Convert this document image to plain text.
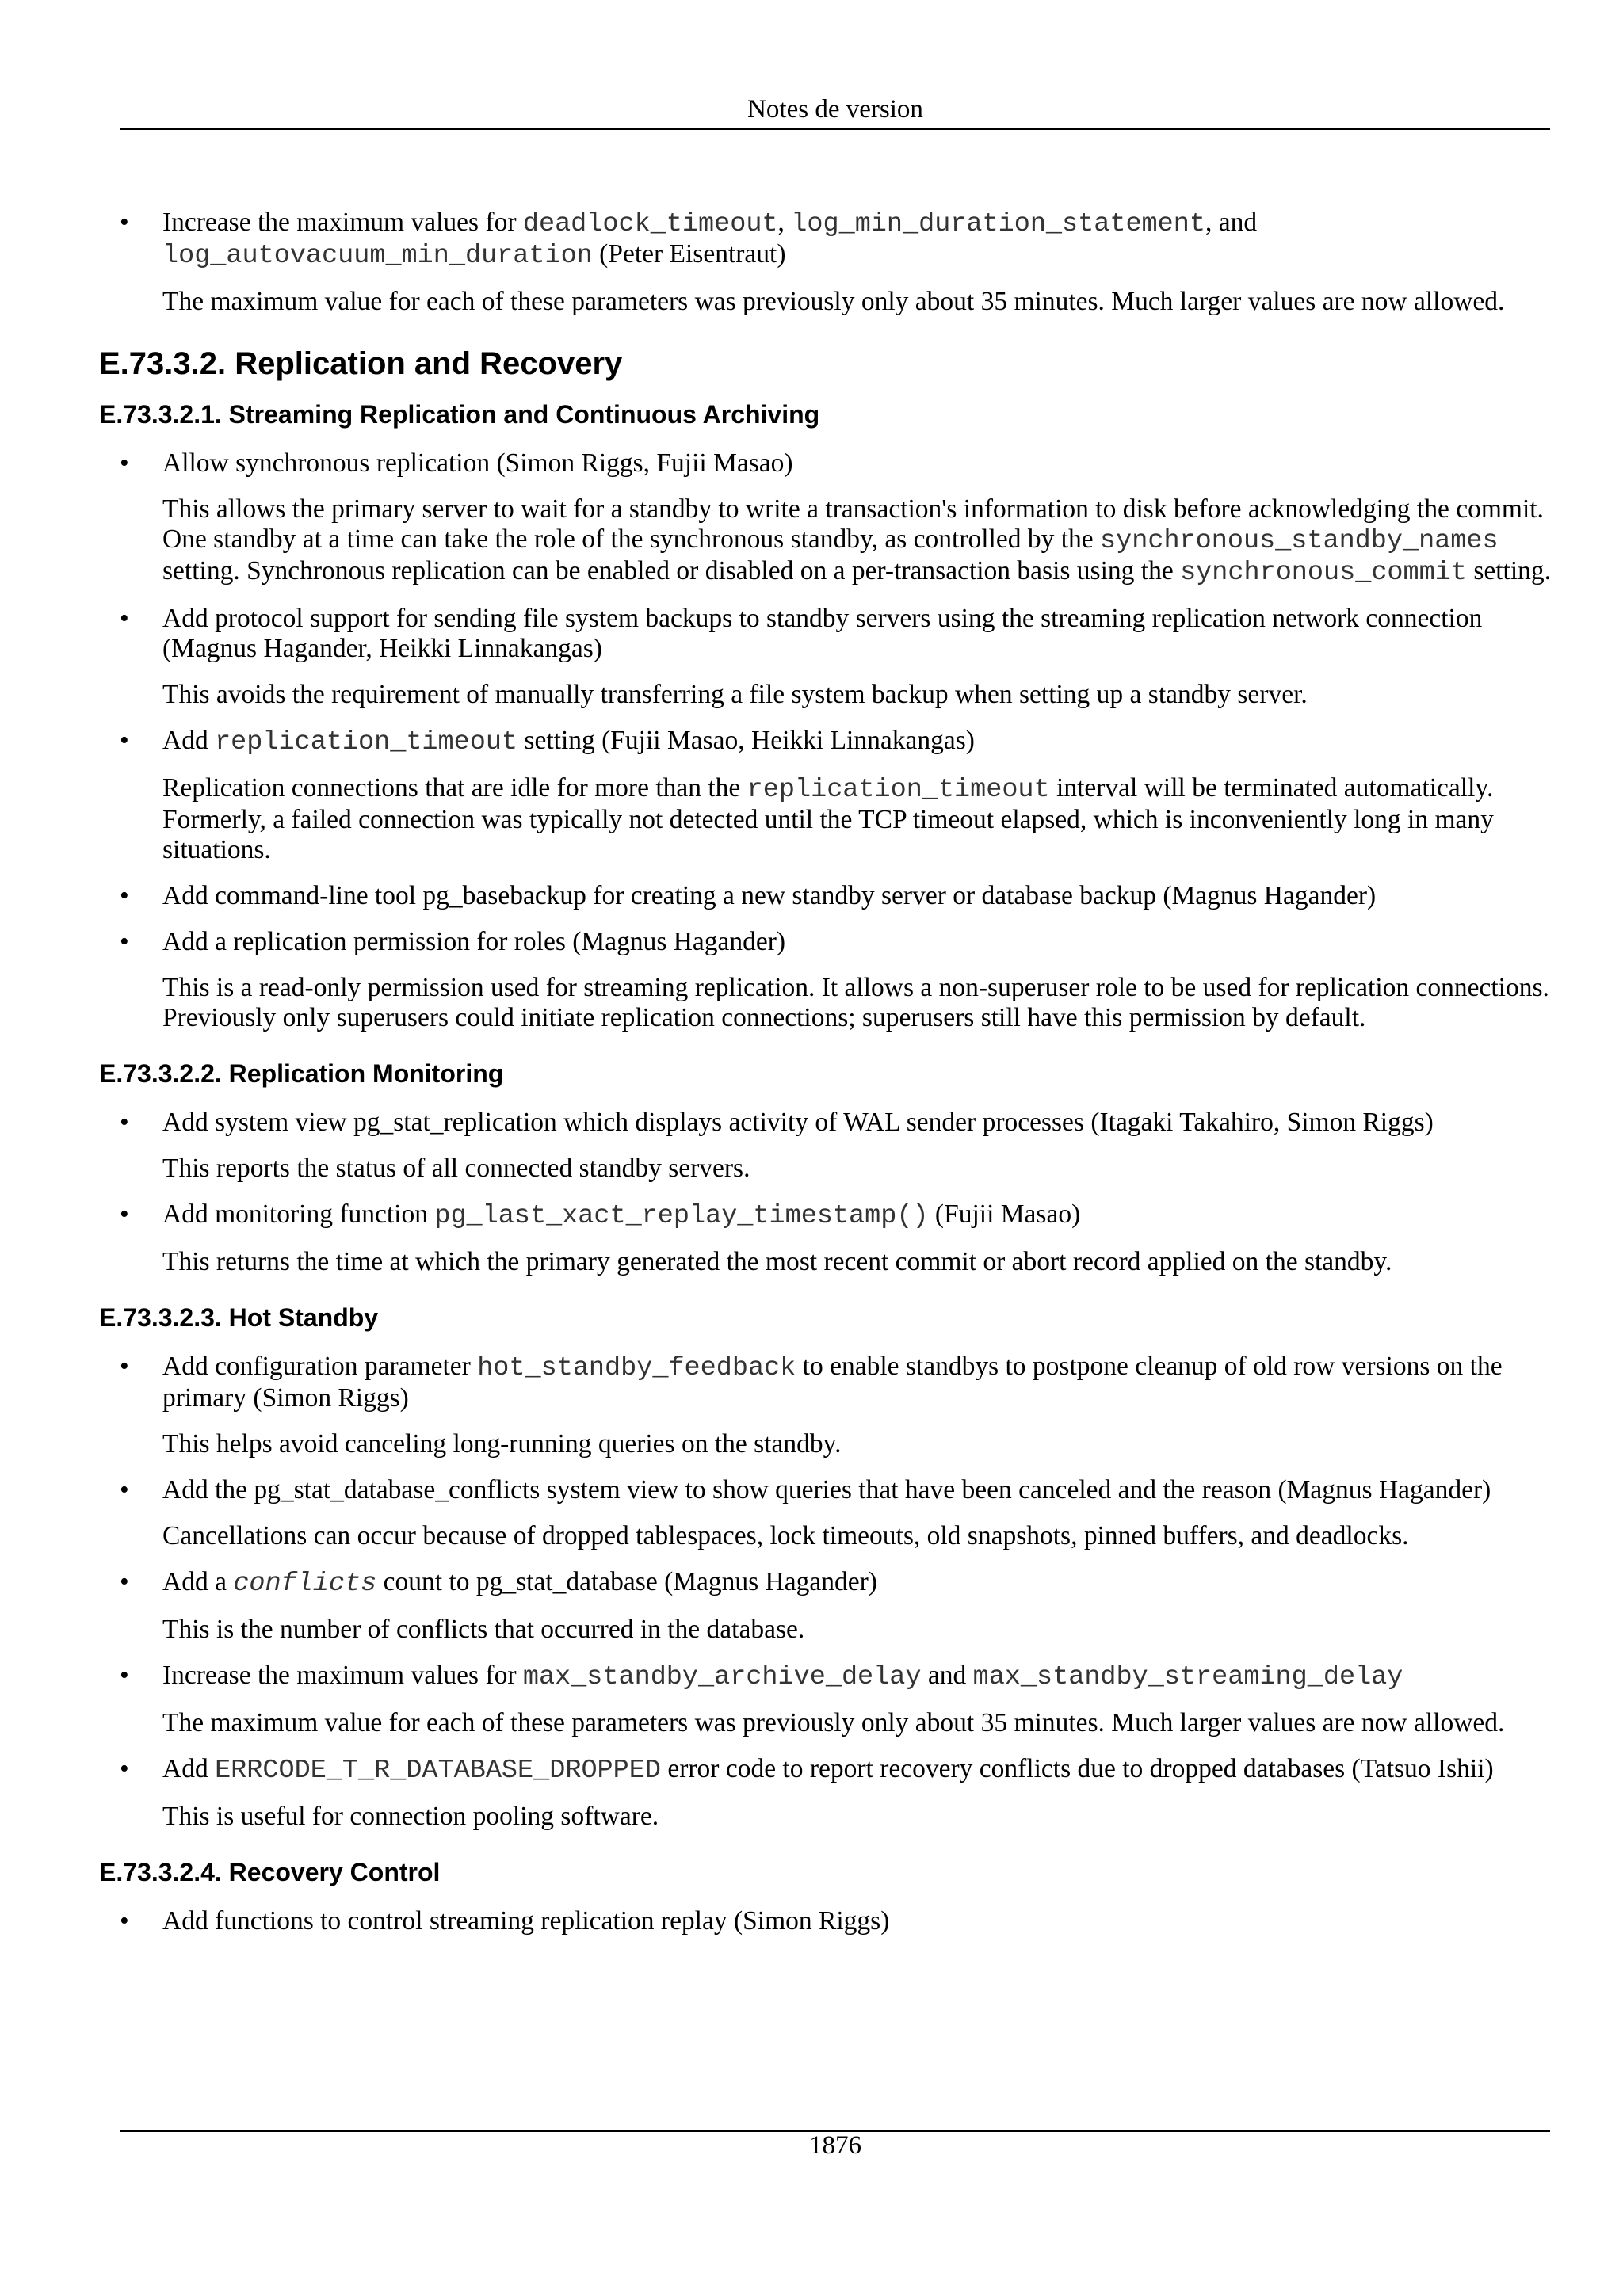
Notes de version
• Increase the maximum values for deadlock_timeout, log_min_duration_statement, and
log_autovacuum_min_duration (Peter Eisentraut)

The maximum value for each of these parameters was previously only about 35 minutes. Much larger values are now allowed.

E.73.3.2. Replication and Recovery
E.73.3.2.1. Streaming Replication and Continuous Archiving
• Allow synchronous replication (Simon Riggs, Fujii Masao)

This allows the primary server to wait for a standby to write a transaction's information to disk before acknowledging the commit. One standby at a time can take the role of the synchronous standby, as controlled by the synchronous_standby_names setting. Synchronous replication can be enabled or disabled on a per-transaction basis using the synchronous_commit setting.

• Add protocol support for sending file system backups to standby servers using the streaming replication network connection (Magnus Hagander, Heikki Linnakangas)

This avoids the requirement of manually transferring a file system backup when setting up a standby server.

• Add replication_timeout setting (Fujii Masao, Heikki Linnakangas)

Replication connections that are idle for more than the replication_timeout interval will be terminated automatically. Formerly, a failed connection was typically not detected until the TCP timeout elapsed, which is inconveniently long in many situations.

• Add command-line tool pg_basebackup for creating a new standby server or database backup (Magnus Hagander)

• Add a replication permission for roles (Magnus Hagander)

This is a read-only permission used for streaming replication. It allows a non-superuser role to be used for replication connections. Previously only superusers could initiate replication connections; superusers still have this permission by default.

E.73.3.2.2. Replication Monitoring
• Add system view pg_stat_replication which displays activity of WAL sender processes (Itagaki Takahiro, Simon Riggs)

This reports the status of all connected standby servers.

• Add monitoring function pg_last_xact_replay_timestamp() (Fujii Masao)

This returns the time at which the primary generated the most recent commit or abort record applied on the standby.

E.73.3.2.3. Hot Standby
• Add configuration parameter hot_standby_feedback to enable standbys to postpone cleanup of old row versions on the primary (Simon Riggs)

This helps avoid canceling long-running queries on the standby.

• Add the pg_stat_database_conflicts system view to show queries that have been canceled and the reason (Magnus Hagander)

Cancellations can occur because of dropped tablespaces, lock timeouts, old snapshots, pinned buffers, and deadlocks.

• Add a conflicts count to pg_stat_database (Magnus Hagander)

This is the number of conflicts that occurred in the database.

• Increase the maximum values for max_standby_archive_delay and max_standby_streaming_delay

The maximum value for each of these parameters was previously only about 35 minutes. Much larger values are now allowed.

• Add ERRCODE_T_R_DATABASE_DROPPED error code to report recovery conflicts due to dropped databases (Tatsuo Ishii)

This is useful for connection pooling software.

E.73.3.2.4. Recovery Control
• Add functions to control streaming replication replay (Simon Riggs)

1876
